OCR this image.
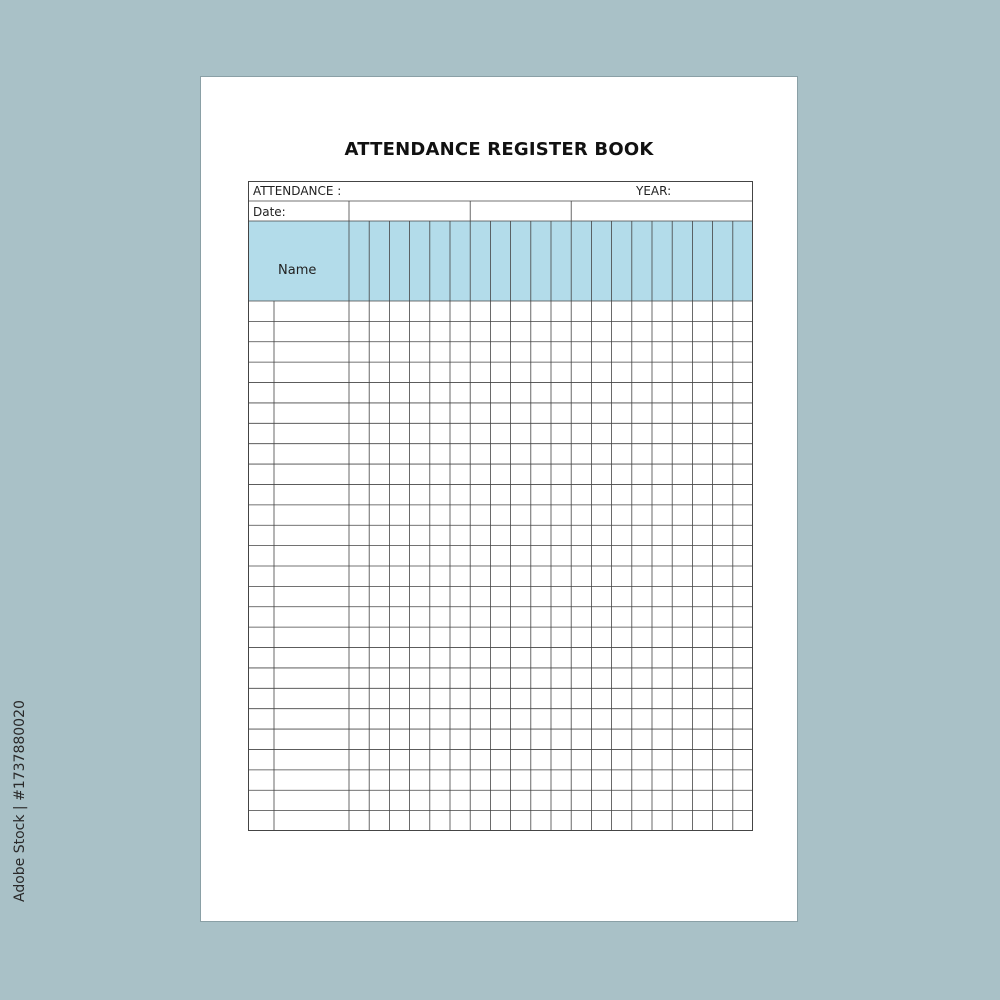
ATTENDANCE REGISTER BOOK
ATTENDANCE :	YEAR:
Date:
Name
Adobe Stock | #1737880020
